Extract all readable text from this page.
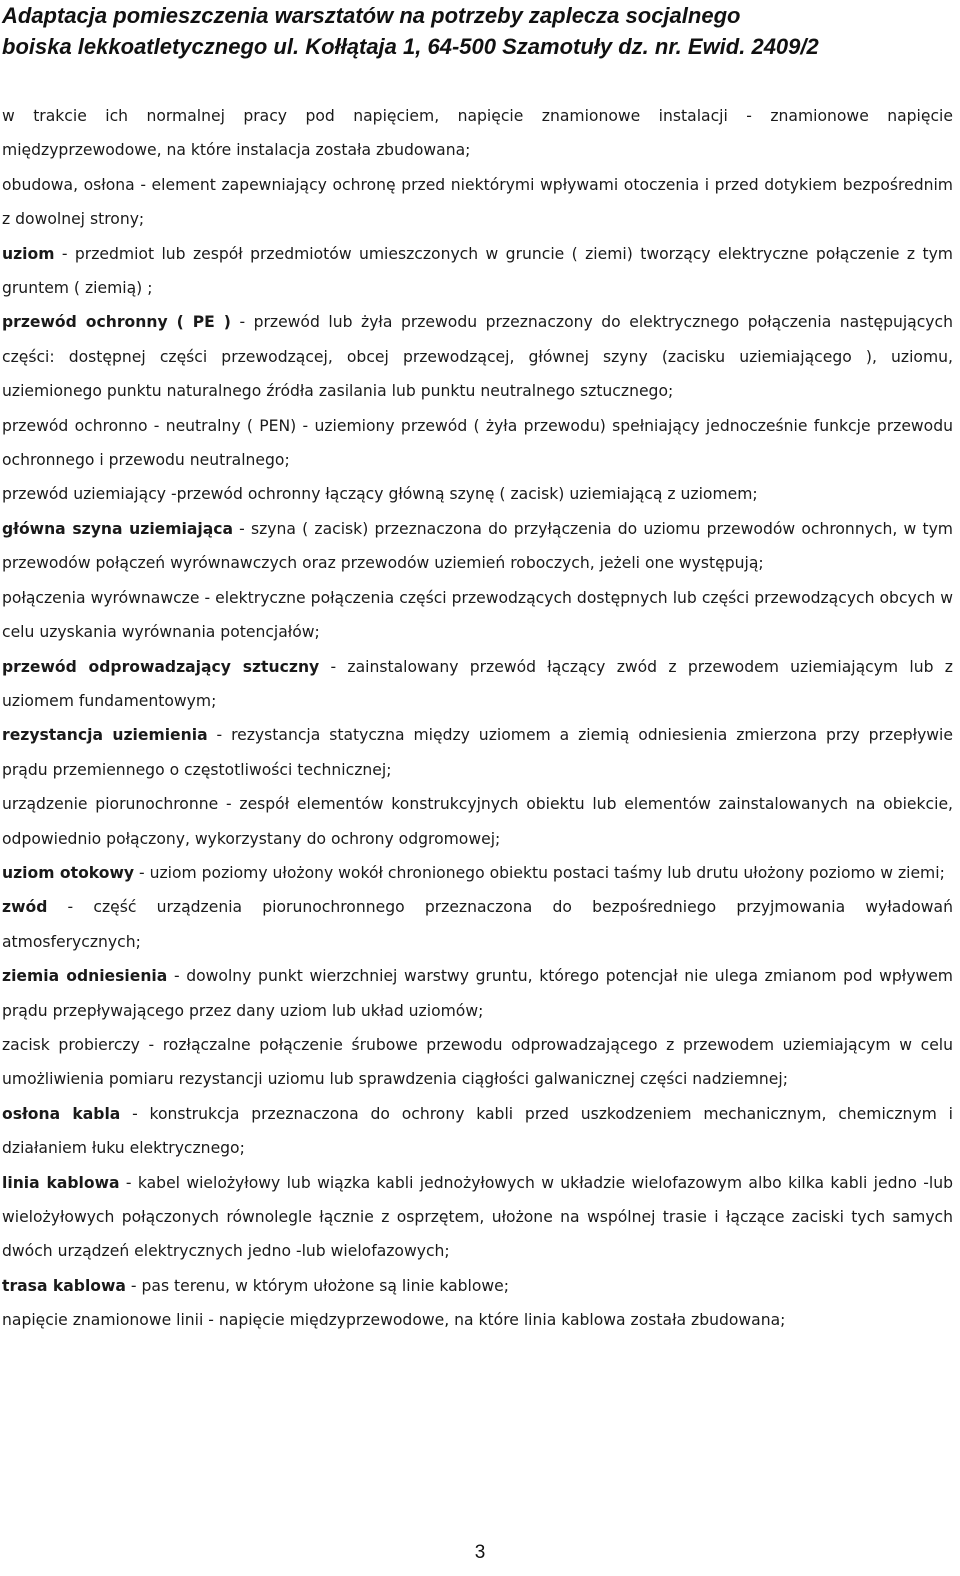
Adaptacja pomieszczenia warsztatów na potrzeby zaplecza socjalnego
boiska lekkoatletycznego ul. Kołłątaja 1, 64-500 Szamotuły dz. nr. Ewid. 2409/2

w trakcie ich normalnej pracy pod napięciem, napięcie znamionowe instalacji - znamionowe napięcie międzyprzewodowe, na które instalacja została zbudowana;

obudowa, osłona - element zapewniający ochronę przed niektórymi wpływami otoczenia i przed dotykiem bezpośrednim z dowolnej strony;

uziom - przedmiot lub zespół przedmiotów umieszczonych w gruncie ( ziemi) tworzący elektryczne połączenie z tym gruntem ( ziemią) ;

przewód ochronny ( PE ) - przewód lub żyła przewodu przeznaczony do elektrycznego połączenia następujących części: dostępnej części przewodzącej, obcej przewodzącej, głównej szyny (zacisku uziemiającego ), uziomu, uziemionego punktu naturalnego źródła zasilania lub punktu neutralnego sztucznego;

przewód ochronno - neutralny ( PEN) - uziemiony przewód ( żyła przewodu) spełniający jednocześnie funkcje przewodu ochronnego i przewodu neutralnego;

przewód uziemiający -przewód ochronny łączący główną szynę ( zacisk) uziemiającą z uziomem;

główna szyna uziemiająca - szyna ( zacisk) przeznaczona do przyłączenia do uziomu przewodów ochronnych, w tym przewodów połączeń wyrównawczych oraz przewodów uziemień roboczych, jeżeli one występują;

połączenia wyrównawcze - elektryczne połączenia części przewodzących dostępnych lub części przewodzących obcych w celu uzyskania wyrównania potencjałów;

przewód odprowadzający sztuczny - zainstalowany przewód łączący zwód z przewodem uziemiającym lub z uziomem fundamentowym;

rezystancja uziemienia - rezystancja statyczna między uziomem a ziemią odniesienia zmierzona przy przepływie prądu przemiennego o częstotliwości technicznej;

urządzenie piorunochronne - zespół elementów konstrukcyjnych obiektu lub elementów zainstalowanych na obiekcie, odpowiednio połączony, wykorzystany do ochrony odgromowej;

uziom otokowy - uziom poziomy ułożony wokół chronionego obiektu postaci taśmy lub drutu ułożony poziomo w ziemi;

zwód - część urządzenia piorunochronnego przeznaczona do bezpośredniego przyjmowania wyładowań atmosferycznych;

ziemia odniesienia - dowolny punkt wierzchniej warstwy gruntu, którego potencjał nie ulega zmianom pod wpływem prądu przepływającego przez dany uziom lub układ uziomów;

zacisk probierczy - rozłączalne połączenie śrubowe przewodu odprowadzającego z przewodem uziemiającym w celu umożliwienia pomiaru rezystancji uziomu lub sprawdzenia ciągłości galwanicznej części nadziemnej;

osłona kabla - konstrukcja przeznaczona do ochrony kabli przed uszkodzeniem mechanicznym, chemicznym i działaniem łuku elektrycznego;

linia kablowa - kabel wielożyłowy lub wiązka kabli jednożyłowych w układzie wielofazowym albo kilka kabli jedno -lub wielożyłowych połączonych równolegle łącznie z osprzętem, ułożone na wspólnej trasie i łączące zaciski tych samych dwóch urządzeń elektrycznych jedno -lub wielofazowych;

trasa kablowa - pas terenu, w którym ułożone są linie kablowe;

napięcie znamionowe linii - napięcie międzyprzewodowe, na które linia kablowa została zbudowana;

3
